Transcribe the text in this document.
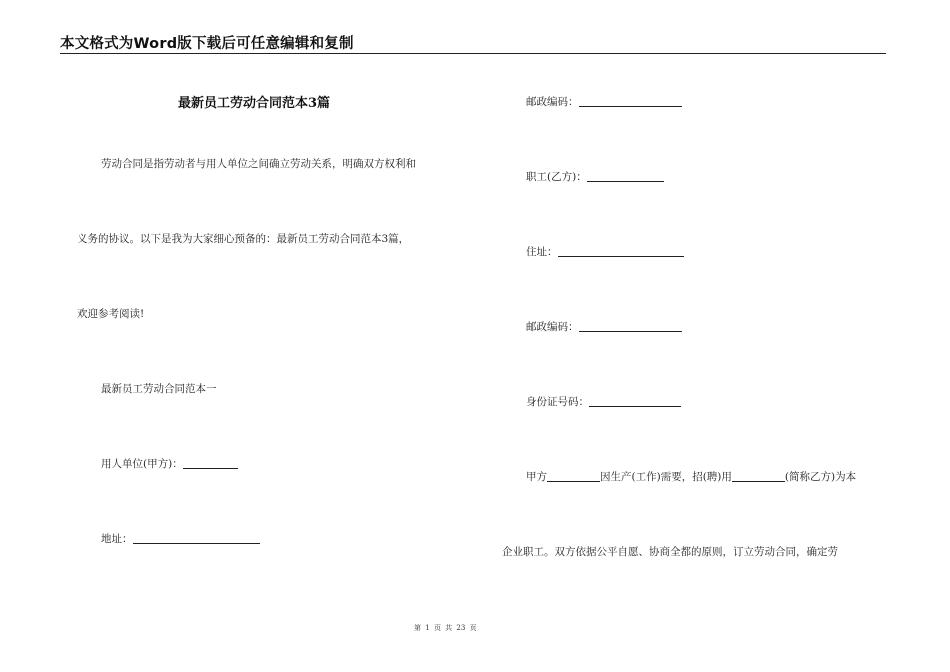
本文格式为Word版下载后可任意编辑和复制
最新员工劳动合同范本3篇
劳动合同是指劳动者与用人单位之间确立劳动关系，明确双方权利和
义务的协议。以下是我为大家细心预备的：最新员工劳动合同范本3篇，
欢迎参考阅读!
最新员工劳动合同范本一
用人单位(甲方)：
地址：
邮政编码：
职工(乙方)：
住址：
邮政编码：
身份证号码：
甲方	因生产(工作)需要，招(聘)用	(简称乙方)为本
企业职工。双方依据公平自愿、协商全都的原则，订立劳动合同，确定劳
第 1 页 共 23 页
